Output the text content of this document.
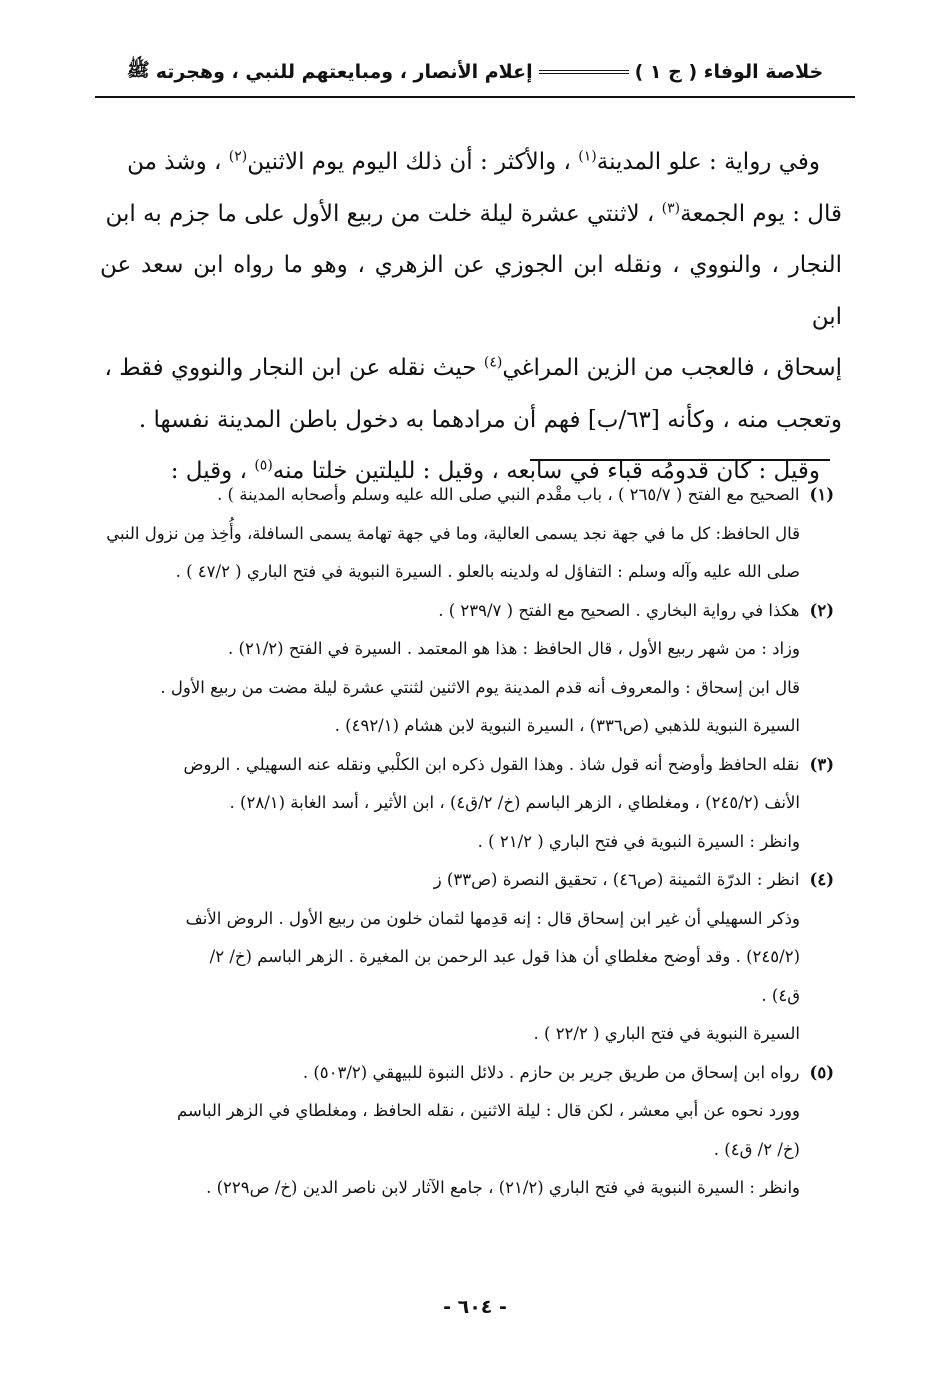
خلاصة الوفاء ( ج ١ )
إعلام الأنصار ، ومبايعتهم للنبي ، وهجرته
ﷺ

وفي رواية : علو المدينة$^{(١)}$ ، والأكثر : أن ذلك اليوم يوم الاثنين$^{(٢)}$ ، وشذ من

قال : يوم الجمعة$^{(٣)}$ ، لاثنتي عشرة ليلة خلت من ربيع الأول على ما جزم به ابن

النجار ، والنووي ، ونقله ابن الجوزي عن الزهري ، وهو ما رواه ابن سعد عن ابن

إسحاق ، فالعجب من الزين المراغي$^{(٤)}$ حيث نقله عن ابن النجار والنووي فقط ،

وتعجب منه ، وكأنه [٦٣/ب] فهم أن مرادهما به دخول باطن المدينة نفسها .

وقيل : كان قدومُه قباء في سابعه ، وقيل : لليلتين خلتا منه$^{(٥)}$ ، وقيل :

(١)
الصحيح مع الفتح ( ٢٦٥/٧ ) ، باب مقْدم النبي صلى الله عليه وسلم وأصحابه المدينة ) .

قال الحافظ: كل ما في جهة نجد يسمى العالية، وما في جهة تهامة يسمى السافلة، وأُخِذ مِن نزول النبي

صلى الله عليه وآله وسلم : التفاؤل له ولدينه بالعلو . السيرة النبوية في فتح الباري ( ٤٧/٢ ) .

(٢)
هكذا في رواية البخاري . الصحيح مع الفتح ( ٢٣٩/٧ ) .

وزاد : من شهر ربيع الأول ، قال الحافظ : هذا هو المعتمد . السيرة في الفتح (٢١/٢) .

قال ابن إسحاق : والمعروف أنه قدم المدينة يوم الاثنين لثنتي عشرة ليلة مضت من ربيع الأول .

السيرة النبوية للذهبي (ص٣٣٦) ، السيرة النبوية لابن هشام (٤٩٢/١) .

(٣)
نقله الحافظ وأوضح أنه قول شاذ . وهذا القول ذكره ابن الكلْبي ونقله عنه السهيلي . الروض

الأنف (٢٤٥/٢) ، ومغلطاي ، الزهر الباسم (خ/ ٢/ق٤) ، ابن الأثير ، أسد الغابة (٢٨/١) .

وانظر : السيرة النبوية في فتح الباري ( ٢١/٢ ) .

(٤)
انظر : الدرّة الثمينة (ص٤٦) ، تحقيق النصرة (ص٣٣) ز

وذكر السهيلي أن غير ابن إسحاق قال : إنه قدِمها لثمان خلون من ربيع الأول . الروض الأنف

(٢٤٥/٢) . وقد أوضح مغلطاي أن هذا قول عبد الرحمن بن المغيرة . الزهر الباسم (خ/ ٢/

ق٤) .

السيرة النبوية في فتح الباري ( ٢٢/٢ ) .

(٥)
رواه ابن إسحاق من طريق جرير بن حازم . دلائل النبوة للبيهقي (٥٠٣/٢) .

وورد نحوه عن أبي معشر ، لكن قال : ليلة الاثنين ، نقله الحافظ ، ومغلطاي في الزهر الباسم

(خ/ ٢/ ق٤) .

وانظر : السيرة النبوية في فتح الباري (٢١/٢) ، جامع الآثار لابن ناصر الدين (خ/ ص٢٢٩) .

- ٦٠٤ -
